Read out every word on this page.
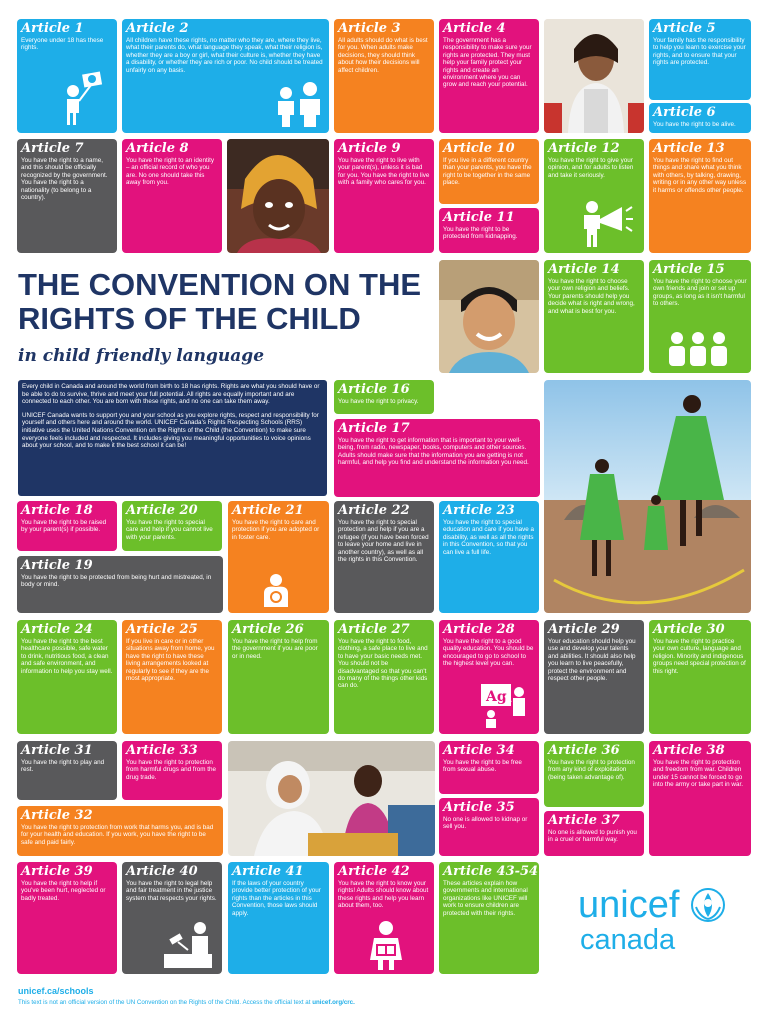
Article 1
Everyone under 18 has these rights.
Article 2
All children have these rights, no matter who they are, where they live, what their parents do, what language they speak, what their religion is, whether they are a boy or girl, what their culture is, whether they have a disability, or whether they are rich or poor. No child should be treated unfairly on any basis.
Article 3
All adults should do what is best for you. When adults make decisions, they should think about how their decisions will affect children.
Article 4
The government has a responsibility to make sure your rights are protected. They must help your family protect your rights and create an environment where you can grow and reach your potential.
Article 5
Your family has the responsibility to help you learn to exercise your rights, and to ensure that your rights are protected.
Article 6
You have the right to be alive.
Article 7
You have the right to a name, and this should be officially recognized by the government. You have the right to a nationality (to belong to a country).
Article 8
You have the right to an identity – an official record of who you are. No one should take this away from you.
Article 9
You have the right to live with your parent(s), unless it is bad for you. You have the right to live with a family who cares for you.
Article 10
If you live in a different country than your parents, you have the right to be together in the same place.
Article 11
You have the right to be protected from kidnapping.
Article 12
You have the right to give your opinion, and for adults to listen and take it seriously.
Article 13
You have the right to find out things and share what you think with others, by talking, drawing, writing or in any other way unless it harms or offends other people.
THE CONVENTION ON THE RIGHTS OF THE CHILD
in child friendly language

Every child in Canada and around the world from birth to 18 has rights. Rights are what you should have or be able to do to survive, thrive and meet your full potential. All rights are equally important and are connected to each other. You are born with these rights, and no one can take them away.

UNICEF Canada wants to support you and your school as you explore rights, respect and responsibility for yourself and others here and around the world. UNICEF Canada's Rights Respecting Schools (RRS) initiative uses the United Nations Convention on the Rights of the Child (the Convention) to make sure everyone feels included and respected. It includes giving you meaningful opportunities to voice opinions about your school, and to make it the best school it can be!

Article 14
You have the right to choose your own religion and beliefs. Your parents should help you decide what is right and wrong, and what is best for you.
Article 15
You have the right to choose your own friends and join or set up groups, as long as it isn't harmful to others.
Article 16
You have the right to privacy.
Article 17
You have the right to get information that is important to your well-being, from radio, newspaper, books, computers and other sources. Adults should make sure that the information you are getting is not harmful, and help you find and understand the information you need.
Article 18
You have the right to be raised by your parent(s) if possible.
Article 20
You have the right to special care and help if you cannot live with your parents.
Article 19
You have the right to be protected from being hurt and mistreated, in body or mind.
Article 21
You have the right to care and protection if you are adopted or in foster care.
Article 22
You have the right to special protection and help if you are a refugee (if you have been forced to leave your home and live in another country), as well as all the rights in this Convention.
Article 23
You have the right to special education and care if you have a disability, as well as all the rights in this Convention, so that you can live a full life.
Article 24
You have the right to the best healthcare possible, safe water to drink, nutritious food, a clean and safe environment, and information to help you stay well.
Article 25
If you live in care or in other situations away from home, you have the right to have these living arrangements looked at regularly to see if they are the most appropriate.
Article 26
You have the right to help from the government if you are poor or in need.
Article 27
You have the right to food, clothing, a safe place to live and to have your basic needs met. You should not be disadvantaged so that you can't do many of the things other kids can do.
Article 28
You have the right to a good quality education. You should be encouraged to go to school to the highest level you can.
Ag
Article 29
Your education should help you use and develop your talents and abilities. It should also help you learn to live peacefully, protect the environment and respect other people.
Article 30
You have the right to practice your own culture, language and religion. Minority and indigenous groups need special protection of this right.
Article 31
You have the right to play and rest.
Article 33
You have the right to protection from harmful drugs and from the drug trade.
Article 32
You have the right to protection from work that harms you, and is bad for your health and education. If you work, you have the right to be safe and paid fairly.
Article 34
You have the right to be free from sexual abuse.
Article 35
No one is allowed to kidnap or sell you.
Article 36
You have the right to protection from any kind of exploitation (being taken advantage of).
Article 37
No one is allowed to punish you in a cruel or harmful way.
Article 38
You have the right to protection and freedom from war. Children under 15 cannot be forced to go into the army or take part in war.
Article 39
You have the right to help if you've been hurt, neglected or badly treated.
Article 40
You have the right to legal help and fair treatment in the justice system that respects your rights.
Article 41
If the laws of your country provide better protection of your rights than the articles in this Convention, those laws should apply.
Article 42
You have the right to know your rights! Adults should know about these rights and help you learn about them, too.
Article 43-54
These articles explain how governments and international organizations like UNICEF will work to ensure children are protected with their rights.	unicef
canada
unicef.ca/schools
This text is not an official version of the UN Convention on the Rights of the Child. Access the official text at unicef.org/crc.
